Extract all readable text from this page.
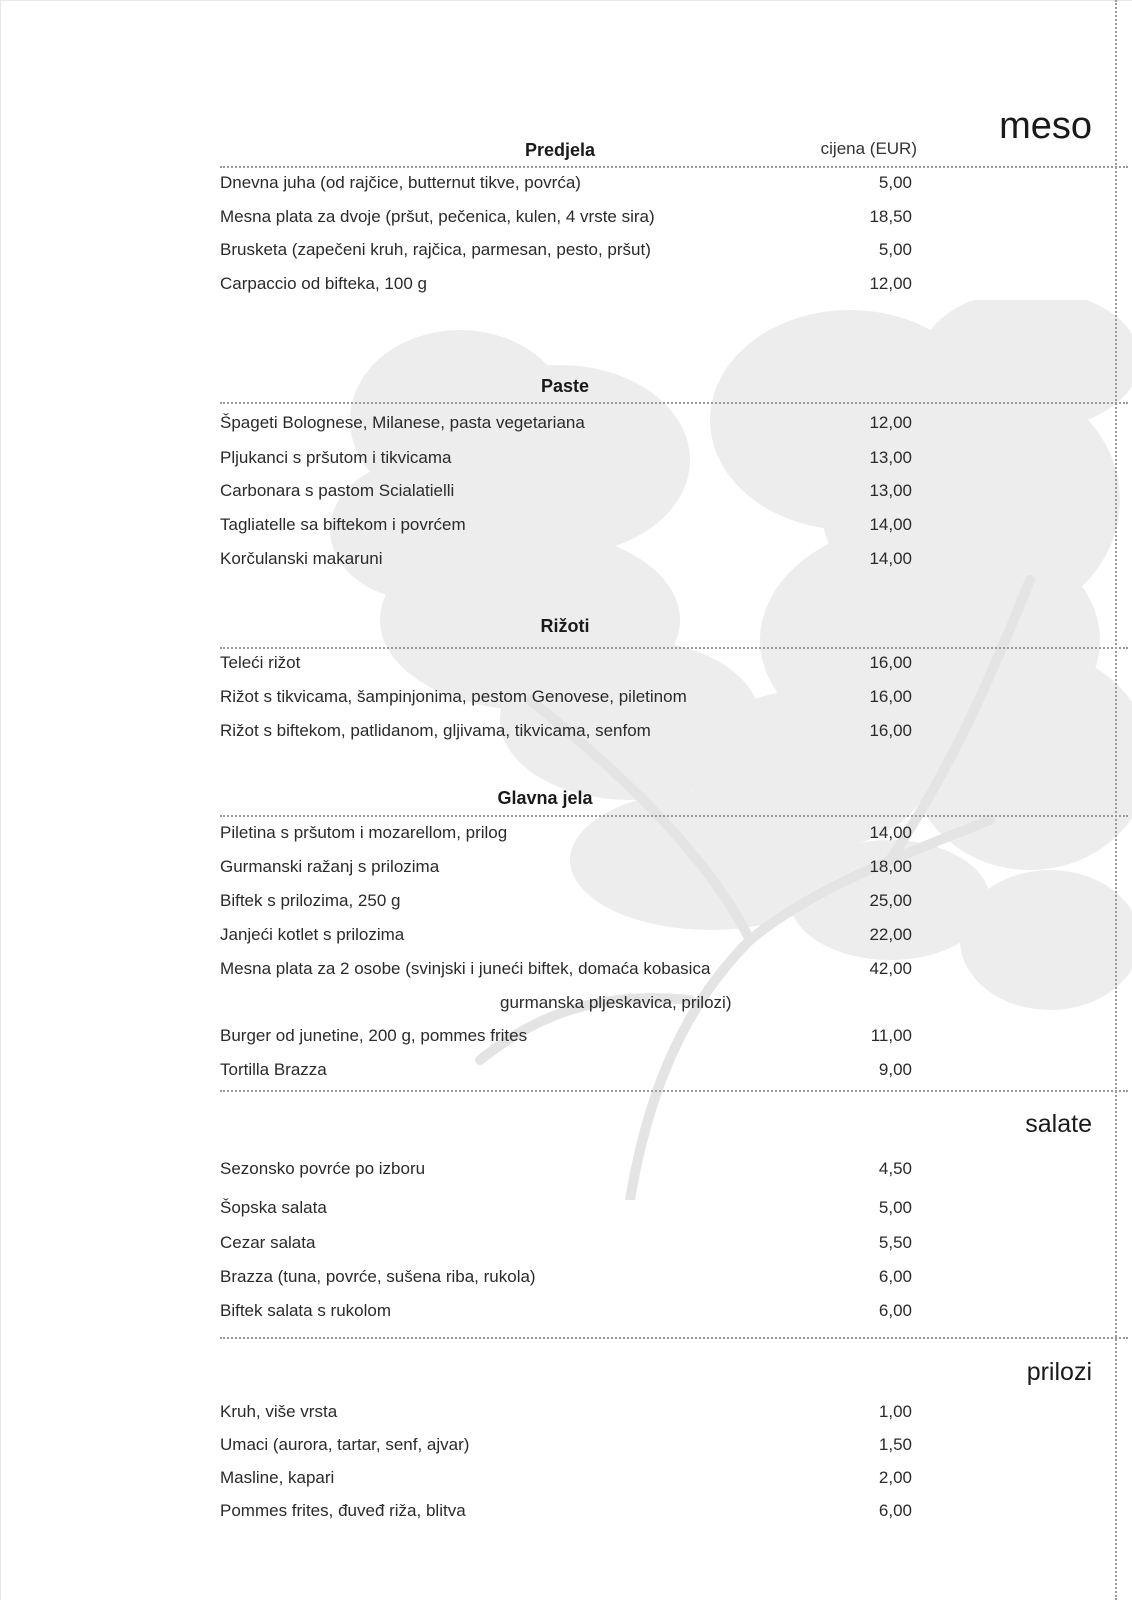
meso
salate
prilozi
Predjela	cijena (EUR)
Dnevna juha (od rajčice, butternut tikve, povrća)	5,00
Mesna plata za dvoje (pršut, pečenica, kulen, 4 vrste sira)	18,50
Brusketa (zapečeni kruh, rajčica, parmesan, pesto, pršut)	5,00
Carpaccio od bifteka, 100 g	12,00
Paste
Špageti Bolognese, Milanese, pasta vegetariana	12,00
Pljukanci s pršutom i tikvicama	13,00
Carbonara s pastom Scialatielli	13,00
Tagliatelle sa biftekom i povrćem	14,00
Korčulanski makaruni	14,00
Rižoti
Teleći rižot	16,00
Rižot s tikvicama, šampinjonima, pestom Genovese, piletinom	16,00
Rižot s biftekom, patlidanom, gljivama, tikvicama, senfom	16,00
Glavna jela
Piletina s pršutom i mozarellom, prilog	14,00
Gurmanski ražanj s prilozima	18,00
Biftek s prilozima, 250 g	25,00
Janjeći kotlet s prilozima	22,00
Mesna plata za 2 osobe (svinjski i juneći biftek, domaća kobasica	42,00
gurmanska pljeskavica, prilozi)
Burger od junetine, 200 g, pommes frites	11,00
Tortilla Brazza	9,00
Sezonsko povrće po izboru	4,50
Šopska salata	5,00
Cezar salata	5,50
Brazza (tuna, povrće, sušena riba, rukola)	6,00
Biftek salata s rukolom	6,00
Kruh, više vrsta	1,00
Umaci (aurora, tartar, senf, ajvar)	1,50
Masline, kapari	2,00
Pommes frites, đuveđ riža, blitva	6,00
